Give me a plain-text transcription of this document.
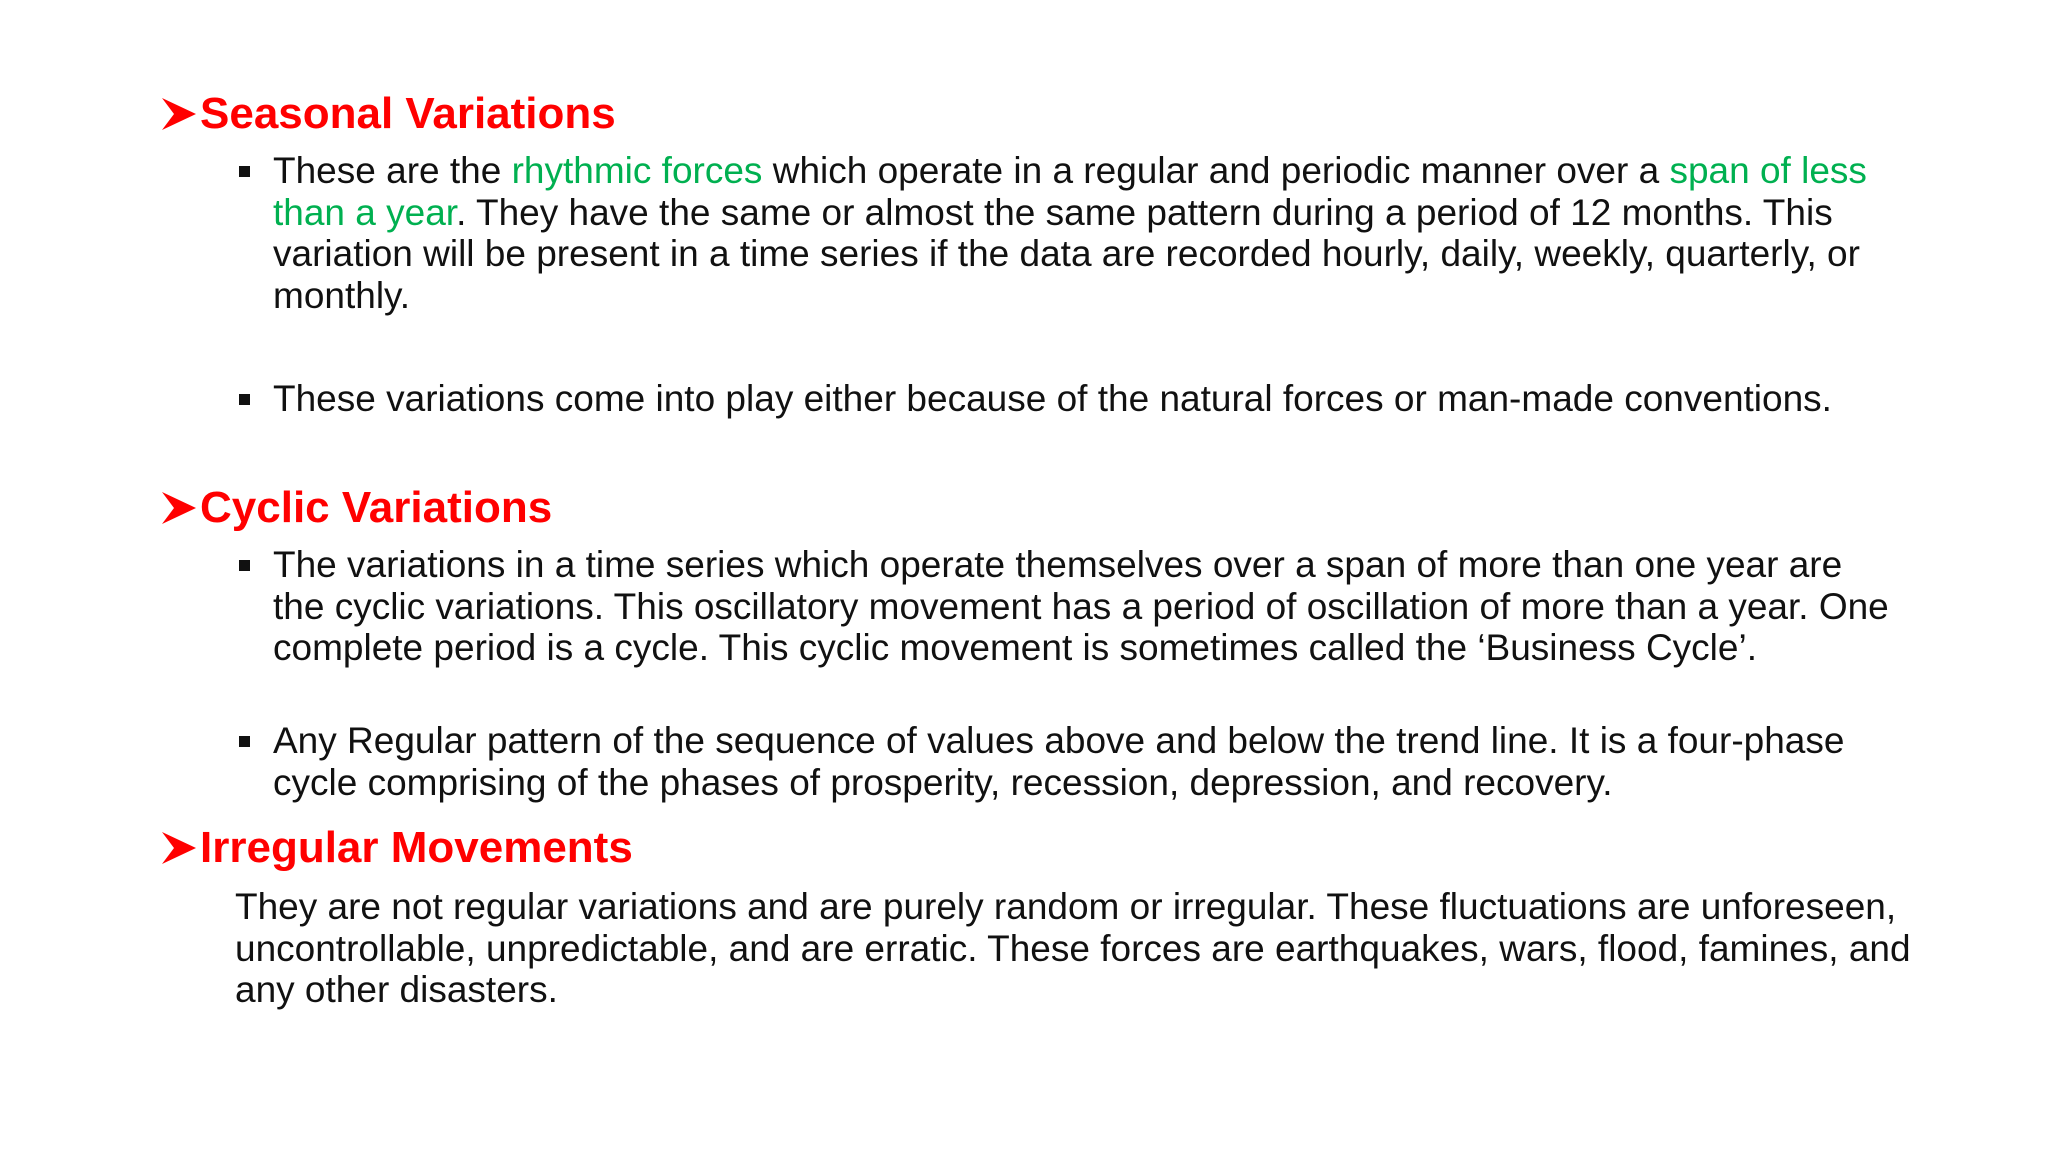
Seasonal Variations
These are the rhythmic forces which operate in a regular and periodic manner over a span of less than a year. They have the same or almost the same pattern during a period of 12 months. This variation will be present in a time series if the data are recorded hourly, daily, weekly, quarterly, or monthly.
These variations come into play either because of the natural forces or man-made conventions.
Cyclic Variations
The variations in a time series which operate themselves over a span of more than one year are the cyclic variations. This oscillatory movement has a period of oscillation of more than a year. One complete period is a cycle. This cyclic movement is sometimes called the ‘Business Cycle’.
Any Regular pattern of the sequence of values above and below the trend line. It is a four-phase cycle comprising of the phases of prosperity, recession, depression, and recovery.
Irregular Movements
They are not regular variations and are purely random or irregular. These fluctuations are unforeseen, uncontrollable, unpredictable, and are erratic. These forces are earthquakes, wars, flood, famines, and any other disasters.
